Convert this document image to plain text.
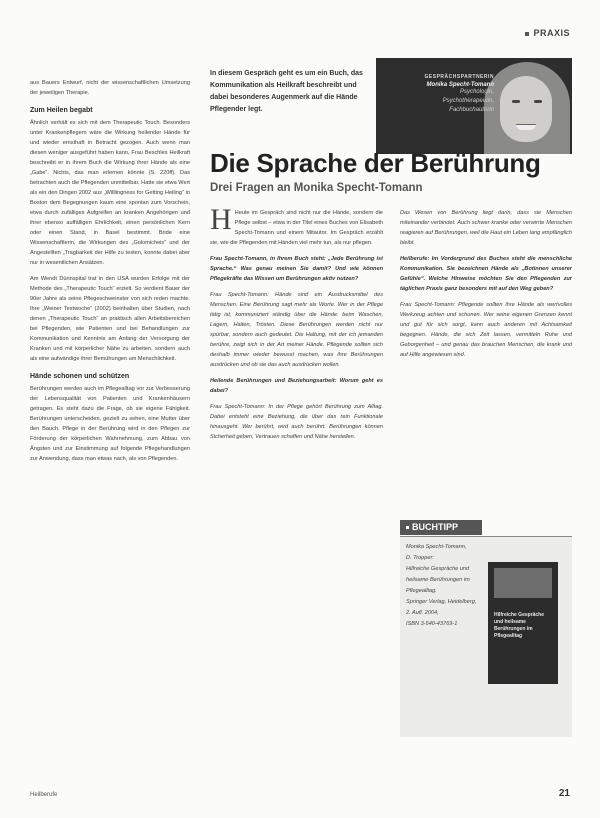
PRAXIS

aus Bauers Entwurf, nicht der wissenschaftlichen Umsetzung der jeweiligen Therapie.

Zum Heilen begabt

Ähnlich verhält es sich mit dem Therapeutic Touch. Besonders unter Krankenpflegern wäre die Wirkung heilender Hände für und wieder ernsthaft in Betracht gezogen. Auch wenn man diesen weniger ausgeführt haben kann, Frau Beschles Heilkraft beschreibt er in ihrem Buch die Wirkung ihrer Hände als eine „Gabe“. Nichts, das man erlernen könnte (S. 220ff). Das betrachten auch die Pflegenden unmittelbar. Hatte sie etwa Wert als ein den Dingen 2002 aus „Willlingness for Getting Heiling“ in Boston dem Begegnungen kaum eine spontan zum Vorschein, etwa durch zufälliges Aufgreifen an kranken Angehörigen und ihrer ebenso auffälligen Ehrlichkeit, einen persönlichen Kern oder einen Stand, in Basel bestimmt. Bride eine Wissenschaftlerin, die Wirkungen des „Golomicheis“ und der Angestellten „Tragbarkeit der Hilfe zu testen, konnte dabei aber nur in wesentlichen Ansätzen.

Am Wendt Dünnspital trat in den USA wurden Erfolge mit der Methode des „Therapeutic Touch“ erzielt. So verdient Bauer der 90er Jahre als seine Pflegeschweinster von sich reden machte. Ihre „Weiner Textwoche“ (2002) beinhalten über Studien, nach denen „Therapeutic Touch“ an praktisch allen Arbeitsbereichen bei Pflegenden, wie Patienten und bei Behandlungen zur Kommunikation und Kenntnis am Anfang der Versorgung der Kranken und mit körperlicher Nähe zu arbeiten, sondern auch als eine aufwändige ihrer Bemühungen um Menschlichkeit.

Hände schonen und schützen

Berührungen werden auch im Pflegealltag vor zur Verbesserung der Lebensqualität von Patienten und Krankenhäusern getragen. Es steht dazu die Frage, ob sie eigene Fähigkeit. Berührungen unterscheiden, gezielt zu sehen, eine Mutter über den Bauch. Pflege in der Berührung wird in den Pflegen zur Förderung der körperlichen Wahrnehmung, zum Abbau von Ängsten und zur Einstimmung auf folgende Pflegehandlungen zur Anwendung, dass man etwas nach, als von Pflegenden.

In diesem Gespräch geht es um ein Buch, das Kommunikation als Heilkraft beschreibt und dabei besonderes Augenmerk auf die Hände Pflegender legt.
GESPRÄCHSPARTNERIN
Monika Specht-Tomann
Psychologin,
Psychotherapeutin,
Fachbuchautorin
Die Sprache der Berührung
Drei Fragen an Monika Specht-Tomann

H Heute im Gespräch sind nicht nur die Hände, sondern die Pflege selbst – etwa in der Titel eines Buches von Elisabeth Specht-Tomann und einem Mitautor. Im Gespräch erzählt sie, wie die Pflegenden mit Händen viel mehr tun, als nur pflegen.

Frau Specht-Tomann, in Ihrem Buch steht: „Jede Berührung ist Sprache.“ Was genau meinen Sie damit? Und wie können Pflegekräfte das Wissen um Berührungen aktiv nutzen?

Frau Specht-Tomann: Hände sind ein Ausdrucksmittel des Menschen. Eine Berührung sagt mehr als Worte. Wer in der Pflege tätig ist, kommuniziert ständig über die Hände: beim Waschen, Lagern, Halten, Trösten. Diese Berührungen werden nicht nur spürbar, sondern auch gedeutet. Die Haltung, mit der ich jemanden berühre, zeigt sich in der Art meiner Hände. Pflegende sollten sich deshalb immer wieder bewusst machen, was ihre Berührungen ausdrücken und ob sie das auch ausdrücken wollen.

Heilende Berührungen und Beziehungsarbeit: Worum geht es dabei?

Frau Specht-Tomann: In der Pflege gehört Berührung zum Alltag. Dabei entsteht eine Beziehung, die über das rein Funktionale hinausgeht. Wer berührt, wird auch berührt. Berührungen können Sicherheit geben, Vertrauen schaffen und Nähe herstellen.

Das Wesen von Berührung liegt darin, dass sie Menschen miteinander verbindet. Auch schwer kranke oder verwirrte Menschen reagieren auf Berührungen, weil die Haut ein Leben lang empfänglich bleibt.

Heilberufe: Im Vordergrund des Buches steht die menschliche Kommunikation. Sie bezeichnen Hände als „Botinnen unserer Gefühle“. Welche Hinweise möchten Sie den Pflegenden zur täglichen Praxis ganz besonders mit auf den Weg geben?

Frau Specht-Tomann: Pflegende sollten ihre Hände als wertvolles Werkzeug achten und schonen. Wer seine eigenen Grenzen kennt und gut für sich sorgt, kann auch anderen mit Achtsamkeit begegnen. Hände, die sich Zeit lassen, vermitteln Ruhe und Geborgenheit – und genau das brauchen Menschen, die krank und auf Hilfe angewiesen sind.

BUCHTIPP
Monika Specht-Tomann,
D. Tropper:
Hilfreiche Gespräche und
heilsame Berührungen im
Pflegealltag.
Springer Verlag, Heidelberg,
2. Aufl. 2004,
ISBN 3-540-43769-1
Hilfreiche Gespräche und heilsame Berührungen im Pflegealltag
Heilberufe	21
